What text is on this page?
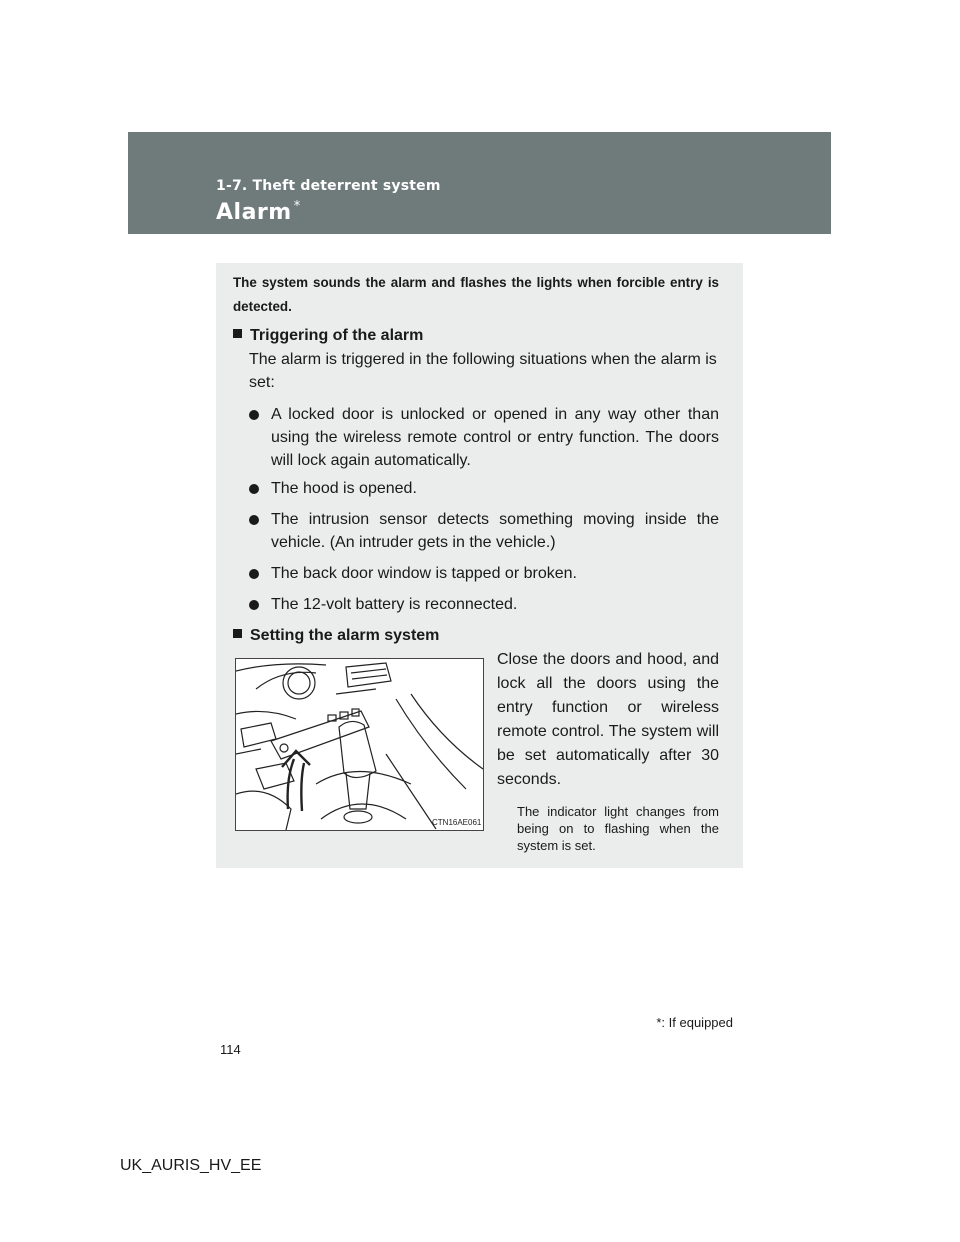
1-7. Theft deterrent system
Alarm *
The system sounds the alarm and flashes the lights when forcible entry is detected.
Triggering of the alarm
The alarm is triggered in the following situations when the alarm is set:
A locked door is unlocked or opened in any way other than using the wireless remote control or entry function. The doors will lock again automatically.
The hood is opened.
The intrusion sensor detects something moving inside the vehicle. (An intruder gets in the vehicle.)
The back door window is tapped or broken.
The 12-volt battery is reconnected.
Setting the alarm system
CTN16AE061
Close the doors and hood, and lock all the doors using the entry function or wireless remote control. The system will be set automatically after 30 seconds.
The indicator light changes from being on to flashing when the system is set.
*: If equipped
114
UK_AURIS_HV_EE
